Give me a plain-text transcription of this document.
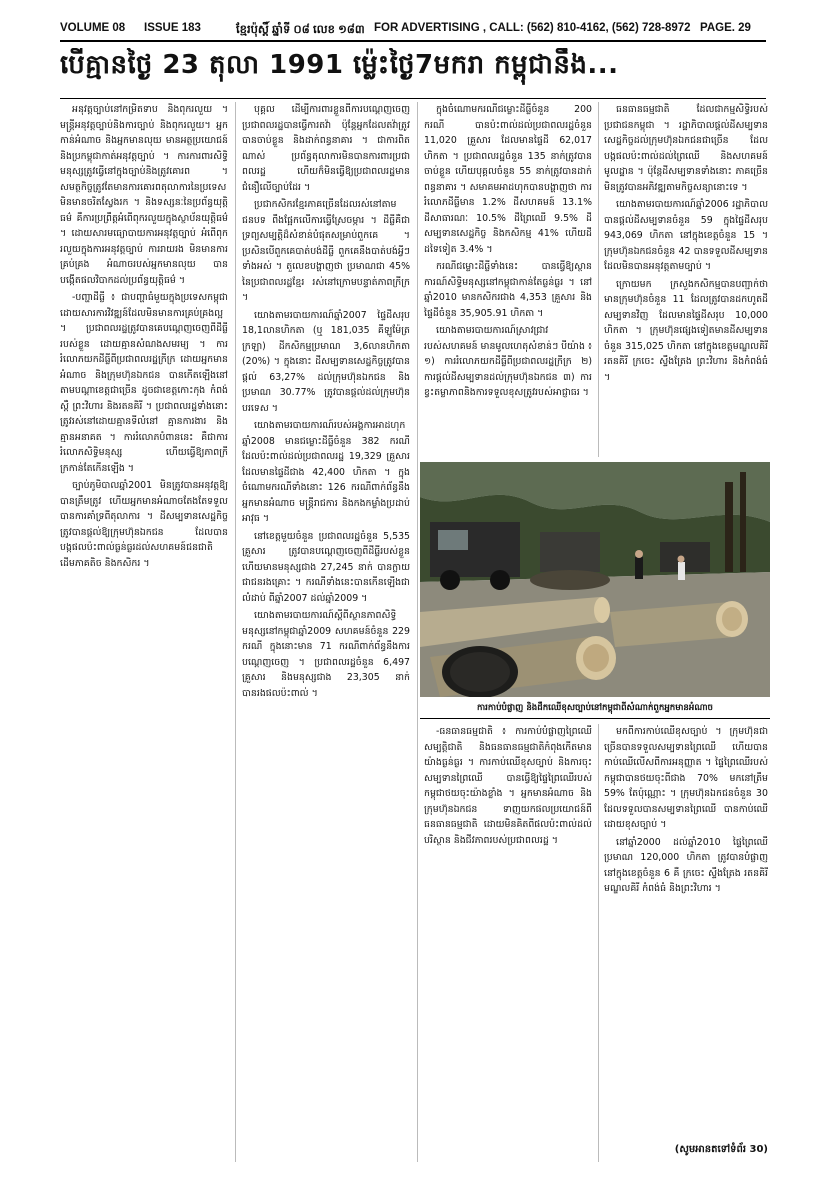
VOLUME 08 ISSUE 183	ខ្មែរប៉ុស្ដិ៍ ឆ្នាំទី ០៨ លេខ ១៨៣ FOR ADVERTISING , CALL: (562) 810-4162, (562) 728-8972 PAGE. 29
បើគ្មានថ្ងៃ 23 តុលា 1991 ម្ល៉េះថ្ងៃ7មករា កម្ពុជានឹង...

អនុវត្តច្បាប់នៅកម្រិតទាប និងពុករលួយ ។ មន្ត្រីអនុវត្តច្បាប់និងការច្បាប់ និងពុករលួយ។ អ្នកកាន់អំណាច និងអ្នកមានលុយ មានអត្ថប្រយោជន៍ និងប្រកម្ពុជាកាត់អនុវត្តច្បាប់ ។ ការការពារសិទ្ធិមនុស្សត្រូវធ្វើនៅក្នុងច្បាប់និងត្រូវគោរព ។ សមត្ថកិច្ចត្រូវតែមានការគោរពតុលាការនៃប្រទេស មិនមានចរិតស្វែងរក ។ និងទស្សនៈនៃប្រព័ន្ធយុត្តិធម៌ គឺការប្រព្រឹត្តអំពើពុករលួយក្នុងស្ថាប័នយុត្តិធម៌ ។ ដោយសារមធ្យោបាយការអនុវត្តច្បាប់ អំពើពុករលួយក្នុងការអនុវត្តច្បាប់ ការរាយរង មិនមានការគ្រប់គ្រង អំណាចរបស់អ្នកមានលុយ បានបង្កើតផលវិបាកដល់ប្រព័ន្ធយុត្តិធម៌ ។

-បញ្ហាដីធ្លី ៖ ជាបញ្ហាធំមួយក្នុងប្រទេសកម្ពុជា ដោយសារការវិវឌ្ឍន៍ដែលមិនមានការគ្រប់គ្រងល្អ ។ ប្រជាពលរដ្ឋត្រូវបានគេបណ្ដេញចេញពីដីធ្លីរបស់ខ្លួន ដោយគ្មានសំណងសមរម្យ ។ ការរំលោភយកដីធ្លីពីប្រជាពលរដ្ឋក្រីក្រ ដោយអ្នកមានអំណាច និងក្រុមហ៊ុនឯកជន បានកើតឡើងនៅតាមបណ្ដាខេត្តជាច្រើន ដូចជាខេត្តកោះកុង កំពង់ស្ពឺ ព្រះវិហារ និងរតនគិរី ។ ប្រជាពលរដ្ឋទាំងនោះត្រូវរស់នៅដោយគ្មានទីលំនៅ គ្មានការងារ និងគ្មានអនាគត ។ ការរំលោភបំពាននេះ គឺជាការរំលោភសិទ្ធិមនុស្ស ហើយធ្វើឱ្យភាពក្រីក្រកាន់តែកើនឡើង ។

ច្បាប់ភូមិបាលឆ្នាំ2001 មិនត្រូវបានអនុវត្តឱ្យបានត្រឹមត្រូវ ហើយអ្នកមានអំណាចតែងតែទទួលបានការគាំទ្រពីតុលាការ ។ ដីសម្បទានសេដ្ឋកិច្ចត្រូវបានផ្ដល់ឱ្យក្រុមហ៊ុនឯកជន ដែលបានបង្កផលប៉ះពាល់ធ្ងន់ធ្ងរដល់សហគមន៍ជនជាតិដើមភាគតិច និងកសិករ ។

បុគ្គល ដើម្បីការពារខ្លួនពីការបណ្ដេញចេញ ប្រជាពលរដ្ឋបានធ្វើការតវ៉ា ប៉ុន្តែអ្នកដែលតវ៉ាត្រូវបានចាប់ខ្លួន និងដាក់ពន្ធនាគារ ។ ជាការពិតណាស់ ប្រព័ន្ធតុលាការមិនបានការពារប្រជាពលរដ្ឋ ហើយក៏មិនធ្វើឱ្យប្រជាពលរដ្ឋមានជំនឿលើច្បាប់ដែរ ។

ប្រជាកសិករខ្មែរភាគច្រើនដែលរស់នៅតាមជនបទ ពឹងផ្អែកលើការធ្វើស្រែចម្ការ ។ ដីធ្លីគឺជាទ្រព្យសម្បត្តិដ៏សំខាន់បំផុតសម្រាប់ពួកគេ ។ ប្រសិនបើពួកគេបាត់បង់ដីធ្លី ពួកគេនឹងបាត់បង់អ្វីៗទាំងអស់ ។ តួលេខបង្ហាញថា ប្រមាណជា 45% នៃប្រជាពលរដ្ឋខ្មែរ រស់នៅក្រោមបន្ទាត់ភាពក្រីក្រ ។

យោងតាមរបាយការណ៍ឆ្នាំ2007 ផ្ទៃដីសរុប 18,1លានហិកតា (ឬ 181,035 គីឡូម៉ែត្រក្រឡា) ដីកសិកម្មប្រមាណ 3,6លានហិកតា (20%) ។ ក្នុងនោះ ដីសម្បទានសេដ្ឋកិច្ចត្រូវបានផ្ដល់ 63,27% ដល់ក្រុមហ៊ុនឯកជន និងប្រមាណ 30.77% ត្រូវបានផ្ដល់ដល់ក្រុមហ៊ុនបរទេស ។

យោងតាមរបាយការណ៍របស់អង្គការអាដហុកឆ្នាំ2008 មានជម្លោះដីធ្លីចំនួន 382 ករណី ដែលប៉ះពាល់ដល់ប្រជាពលរដ្ឋ 19,329 គ្រួសារ ដែលមានផ្ទៃដីជាង 42,400 ហិកតា ។ ក្នុងចំណោមករណីទាំងនោះ 126 ករណីពាក់ព័ន្ធនឹងអ្នកមានអំណាច មន្ត្រីរាជការ និងកងកម្លាំងប្រដាប់អាវុធ ។

នៅខេត្តមួយចំនួន ប្រជាពលរដ្ឋចំនួន 5,535 គ្រួសារ ត្រូវបានបណ្ដេញចេញពីដីធ្លីរបស់ខ្លួន ហើយមានមនុស្សជាង 27,245 នាក់ បានក្លាយជាជនរងគ្រោះ ។ ករណីទាំងនេះបានកើនឡើងជាលំដាប់ ពីឆ្នាំ2007 ដល់ឆ្នាំ2009 ។

យោងតាមរបាយការណ៍ស្ដីពីស្ថានភាពសិទ្ធិមនុស្សនៅកម្ពុជាឆ្នាំ2009 សហគមន៍ចំនួន 229 ករណី ក្នុងនោះមាន 71 ករណីពាក់ព័ន្ធនឹងការបណ្ដេញចេញ ។ ប្រជាពលរដ្ឋចំនួន 6,497 គ្រួសារ និងមនុស្សជាង 23,305 នាក់ បានរងផលប៉ះពាល់ ។

ក្នុងចំណោមករណីជម្លោះដីធ្លីចំនួន 200 ករណី បានប៉ះពាល់ដល់ប្រជាពលរដ្ឋចំនួន 11,020 គ្រួសារ ដែលមានផ្ទៃដី 62,017 ហិកតា ។ ប្រជាពលរដ្ឋចំនួន 135 នាក់ត្រូវបានចាប់ខ្លួន ហើយបុគ្គលចំនួន 55 នាក់ត្រូវបានដាក់ពន្ធនាគារ ។ សមាគមអាដហុកបានបង្ហាញថា ការរំលោភដីធ្លីមាន 1.2% ដីសហគមន៍ 13.1% ដីសាធារណៈ 10.5% ដីព្រៃឈើ 9.5% ដីសម្បទានសេដ្ឋកិច្ច និងកសិកម្ម 41% ហើយដីដទៃទៀត 3.4% ។

ករណីជម្លោះដីធ្លីទាំងនេះ បានធ្វើឱ្យស្ថានការណ៍សិទ្ធិមនុស្សនៅកម្ពុជាកាន់តែធ្ងន់ធ្ងរ ។ នៅឆ្នាំ2010 មានកសិករជាង 4,353 គ្រួសារ និងផ្ទៃដីចំនួន 35,905.91 ហិកតា ។

យោងតាមរបាយការណ៍ស្រាវជ្រាវរបស់សហគមន៍ មានមូលហេតុសំខាន់ៗ បីយ៉ាង ៖ ១) ការរំលោភយកដីធ្លីពីប្រជាពលរដ្ឋក្រីក្រ ២) ការផ្ដល់ដីសម្បទានដល់ក្រុមហ៊ុនឯកជន ៣) ការខ្វះតម្លាភាពនិងការទទួលខុសត្រូវរបស់អាជ្ញាធរ ។

ធនធានធម្មជាតិ ដែលជាកម្មសិទ្ធិរបស់ប្រជាជនកម្ពុជា ។ រដ្ឋាភិបាលផ្ដល់ដីសម្បទានសេដ្ឋកិច្ចដល់ក្រុមហ៊ុនឯកជនជាច្រើន ដែលបង្កផលប៉ះពាល់ដល់ព្រៃឈើ និងសហគមន៍មូលដ្ឋាន ។ ប៉ុន្តែដីសម្បទានទាំងនោះ ភាគច្រើនមិនត្រូវបានអភិវឌ្ឍតាមកិច្ចសន្យានោះទេ ។

យោងតាមរបាយការណ៍ឆ្នាំ2006 រដ្ឋាភិបាលបានផ្ដល់ដីសម្បទានចំនួន 59 ក្នុងផ្ទៃដីសរុប 943,069 ហិកតា នៅក្នុងខេត្តចំនួន 15 ។ ក្រុមហ៊ុនឯកជនចំនួន 42 បានទទួលដីសម្បទាន ដែលមិនបានអនុវត្តតាមច្បាប់ ។

ក្រោយមក ក្រសួងកសិកម្មបានបញ្ជាក់ថា មានក្រុមហ៊ុនចំនួន 11 ដែលត្រូវបានដកហូតដីសម្បទានវិញ ដែលមានផ្ទៃដីសរុប 10,000 ហិកតា ។ ក្រុមហ៊ុនផ្សេងទៀតមានដីសម្បទានចំនួន 315,025 ហិកតា នៅក្នុងខេត្តមណ្ឌលគិរី រតនគិរី ក្រចេះ ស្ទឹងត្រែង ព្រះវិហារ និងកំពង់ធំ ។

ការកាប់បំផ្លាញ និងដឹកឈើខុសច្បាប់នៅកម្ពុជាពីសំណាក់ពួកអ្នកមានអំណាច

-ធនធានធម្មជាតិ ៖ ការកាប់បំផ្លាញព្រៃឈើ សម្បត្តិជាតិ និងធនធានធម្មជាតិកំពុងកើតមានយ៉ាងធ្ងន់ធ្ងរ ។ ការកាប់ឈើខុសច្បាប់ និងការចុះសម្បទានព្រៃឈើ បានធ្វើឱ្យផ្ទៃព្រៃឈើរបស់កម្ពុជាថយចុះយ៉ាងខ្លាំង ។ អ្នកមានអំណាច និងក្រុមហ៊ុនឯកជន ទាញយកផលប្រយោជន៍ពីធនធានធម្មជាតិ ដោយមិនគិតពីផលប៉ះពាល់ដល់បរិស្ថាន និងជីវភាពរបស់ប្រជាពលរដ្ឋ ។

មកពីការកាប់ឈើខុសច្បាប់ ។ ក្រុមហ៊ុនជាច្រើនបានទទួលសម្បទានព្រៃឈើ ហើយបានកាប់ឈើលើសពីការអនុញ្ញាត ។ ផ្ទៃព្រៃឈើរបស់កម្ពុជាបានថយចុះពីជាង 70% មកនៅត្រឹម 59% តែប៉ុណ្ណោះ ។ ក្រុមហ៊ុនឯកជនចំនួន 30 ដែលទទួលបានសម្បទានព្រៃឈើ បានកាប់ឈើដោយខុសច្បាប់ ។

នៅឆ្នាំ2000 ដល់ឆ្នាំ2010 ផ្ទៃព្រៃឈើប្រមាណ 120,000 ហិកតា ត្រូវបានបំផ្លាញ នៅក្នុងខេត្តចំនួន 6 គឺ ក្រចេះ ស្ទឹងត្រែង រតនគិរី មណ្ឌលគិរី កំពង់ធំ និងព្រះវិហារ ។

(សូមអានតទៅទំព័រ 30)
